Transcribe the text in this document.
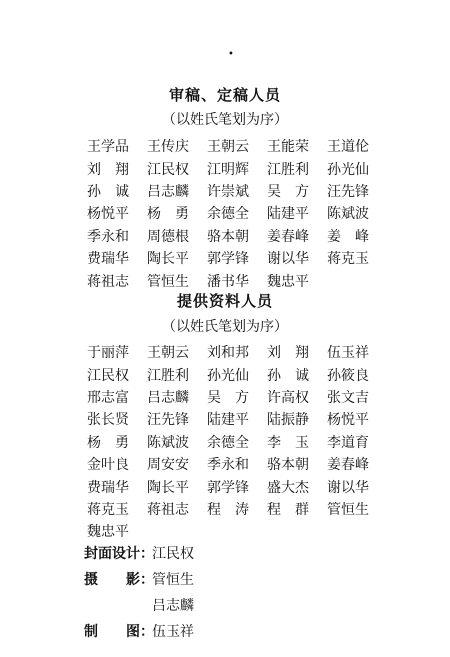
•
审稿、定稿人员
（以姓氏笔划为序）
王学品	王传庆	王朝云	王能荣	王道伦
刘　翔	江民权	江明辉	江胜利	孙光仙
孙　诚	吕志麟	许崇斌	吴　方	汪先锋
杨悦平	杨　勇	余德全	陆建平	陈斌波
季永和	周德根	骆本朝	姜春峰	姜　峰
费瑞华	陶长平	郭学锋	谢以华	蒋克玉
蒋祖志	管恒生	潘书华	魏忠平
提供资料人员
（以姓氏笔划为序）
于丽萍	王朝云	刘和邦	刘　翔	伍玉祥
江民权	江胜利	孙光仙	孙　诚	孙筱良
邢志富	吕志麟	吴　方	许高权	张文吉
张长贤	汪先锋	陆建平	陆振静	杨悦平
杨　勇	陈斌波	余德全	李　玉	李道育
金叶良	周安安	季永和	骆本朝	姜春峰
费瑞华	陶长平	郭学锋	盛大杰	谢以华
蒋克玉	蒋祖志	程　涛	程　群	管恒生
魏忠平
封面设计：
江民权
摄　　影：
管恒生
吕志麟
制　　图：
伍玉祥
